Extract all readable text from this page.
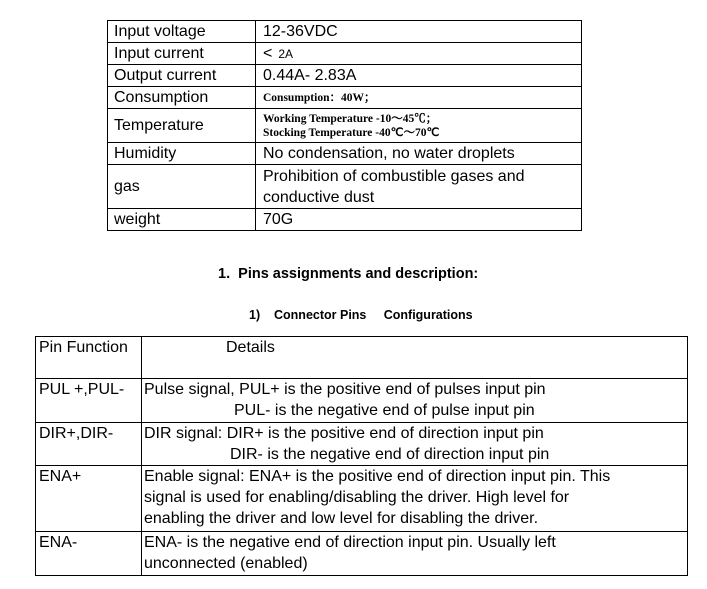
Input voltage	12-36VDC
Input current	< 2A
Output current	0.44A- 2.83A
Consumption	Consumption：40W；
Temperature	Working Temperature -10～45℃；
Stocking Temperature -40℃～70℃

Humidity	No condensation, no water droplets
gas	Prohibition of combustible gases and conductive dust
weight	70G
1.  Pins assignments and description:
1)    Connector Pins     Configurations
Pin Function	Details
PUL +,PUL-	Pulse signal, PUL+ is the positive end of pulses input pin
PUL- is the negative end of pulse input pin

DIR+,DIR-	DIR signal: DIR+ is the positive end of direction input pin
DIR- is the negative end of direction input pin

ENA+	Enable signal: ENA+ is the positive end of direction input pin. This
signal is used for enabling/disabling the driver. High level for
enabling the driver and low level for disabling the driver.

ENA-	ENA- is the negative end of direction input pin. Usually left
unconnected (enabled)
